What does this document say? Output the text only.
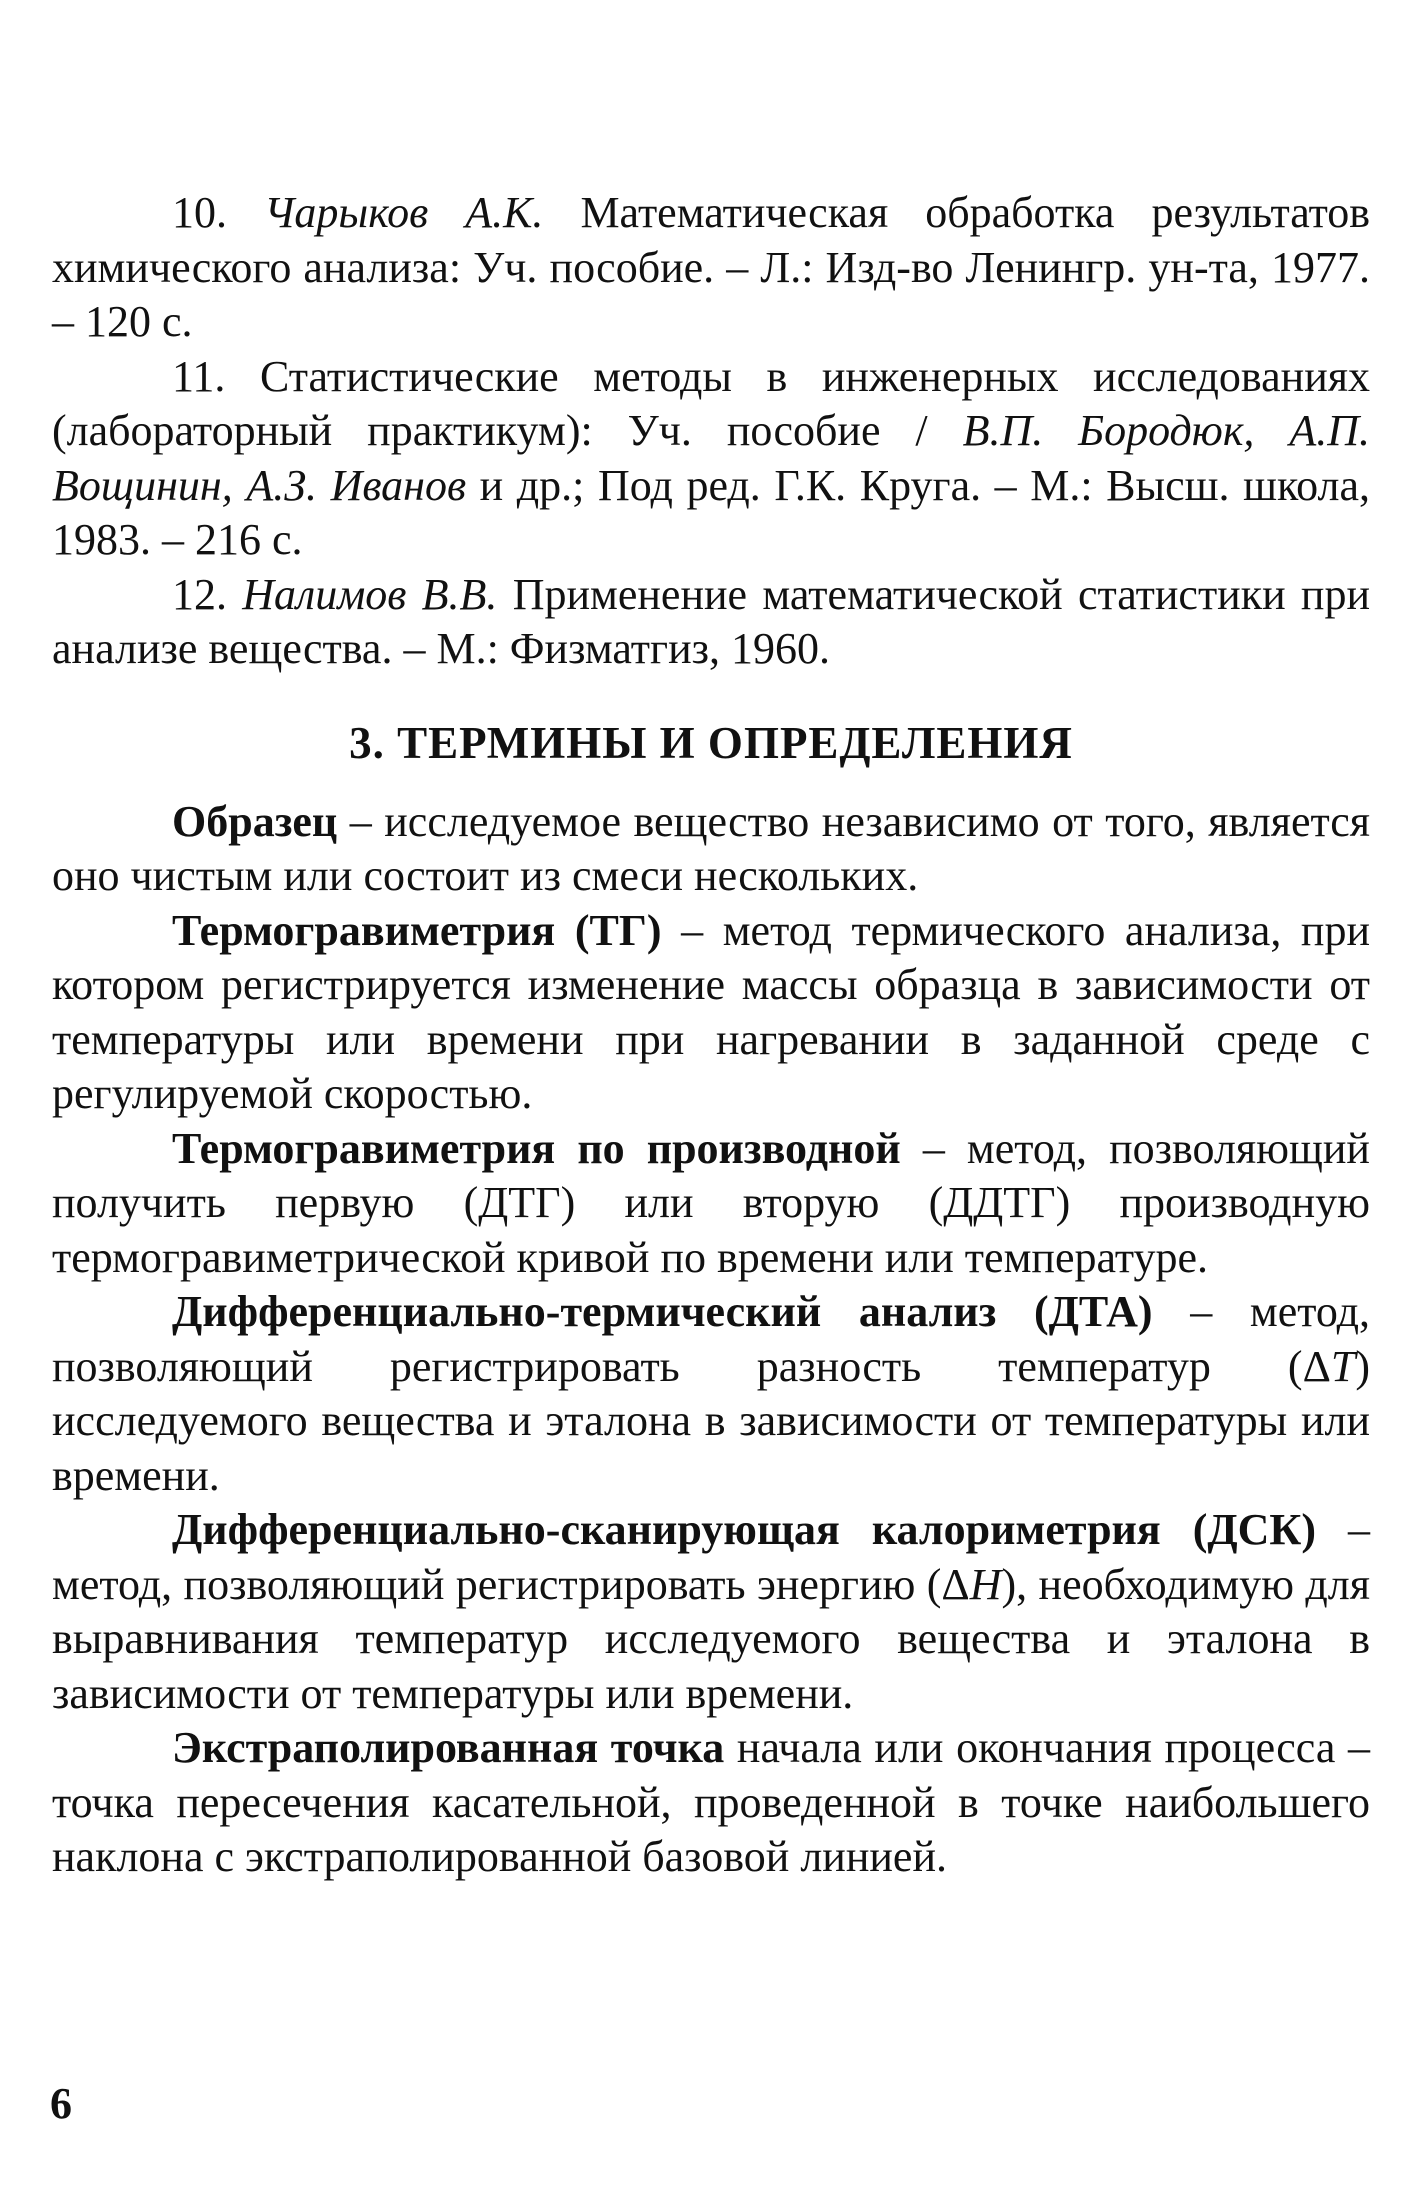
10. Чарыков А.К. Математическая обработка результатов химического анализа: Уч. пособие. – Л.: Изд-во Ленингр. ун-та, 1977. – 120 с.

11. Статистические методы в инженерных исследованиях (лабораторный практикум): Уч. пособие / В.П. Бородюк, А.П. Вощинин, А.З. Иванов и др.; Под ред. Г.К. Круга. – М.: Высш. школа, 1983. – 216 с.

12. Налимов В.В. Применение математической статистики при анализе вещества. – М.: Физматгиз, 1960.

3. ТЕРМИНЫ И ОПРЕДЕЛЕНИЯ

Образец – исследуемое вещество независимо от того, является оно чистым или состоит из смеси нескольких.

Термогравиметрия (ТГ) – метод термического анализа, при котором регистрируется изменение массы образца в зависимости от температуры или времени при нагревании в заданной среде с регулируемой скоростью.

Термогравиметрия по производной – метод, позволяющий получить первую (ДТГ) или вторую (ДДТГ) производную термогравиметрической кривой по времени или температуре.

Дифференциально-термический анализ (ДТА) – метод, позволяющий регистрировать разность температур (ΔT) исследуемого вещества и эталона в зависимости от температуры или времени.

Дифференциально-сканирующая калориметрия (ДСК) – метод, позволяющий регистрировать энергию (ΔH), необходимую для выравнивания температур исследуемого вещества и эталона в зависимости от температуры или времени.

Экстраполированная точка начала или окончания процесса – точка пересечения касательной, проведенной в точке наибольшего наклона с экстраполированной базовой линией.

6
